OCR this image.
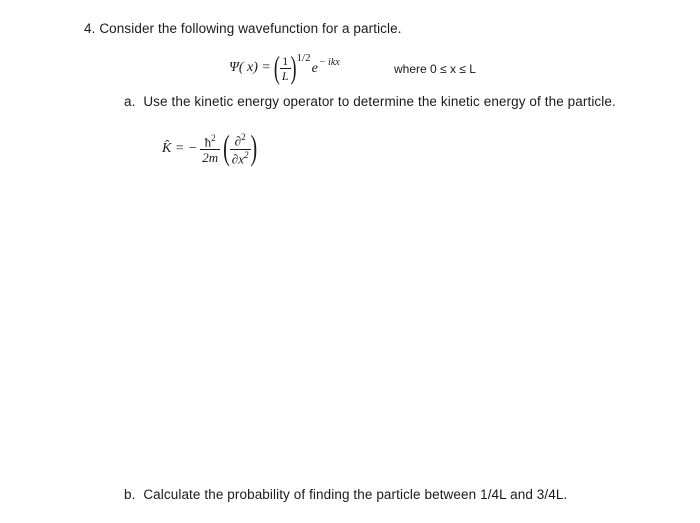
4. Consider the following wavefunction for a particle.
Ψ( x) = ( $\frac{1}{L}$ ) 1/2
e − ikx	where 0 ≤ x ≤ L
a. Use the kinetic energy operator to determine the kinetic energy of the particle.
K̂ = − $\frac{ħ^2}{2m}$ ( $\frac{\partial^2}{\partial x^2}$ )
b. Calculate the probability of finding the particle between 1/4L and 3/4L.
